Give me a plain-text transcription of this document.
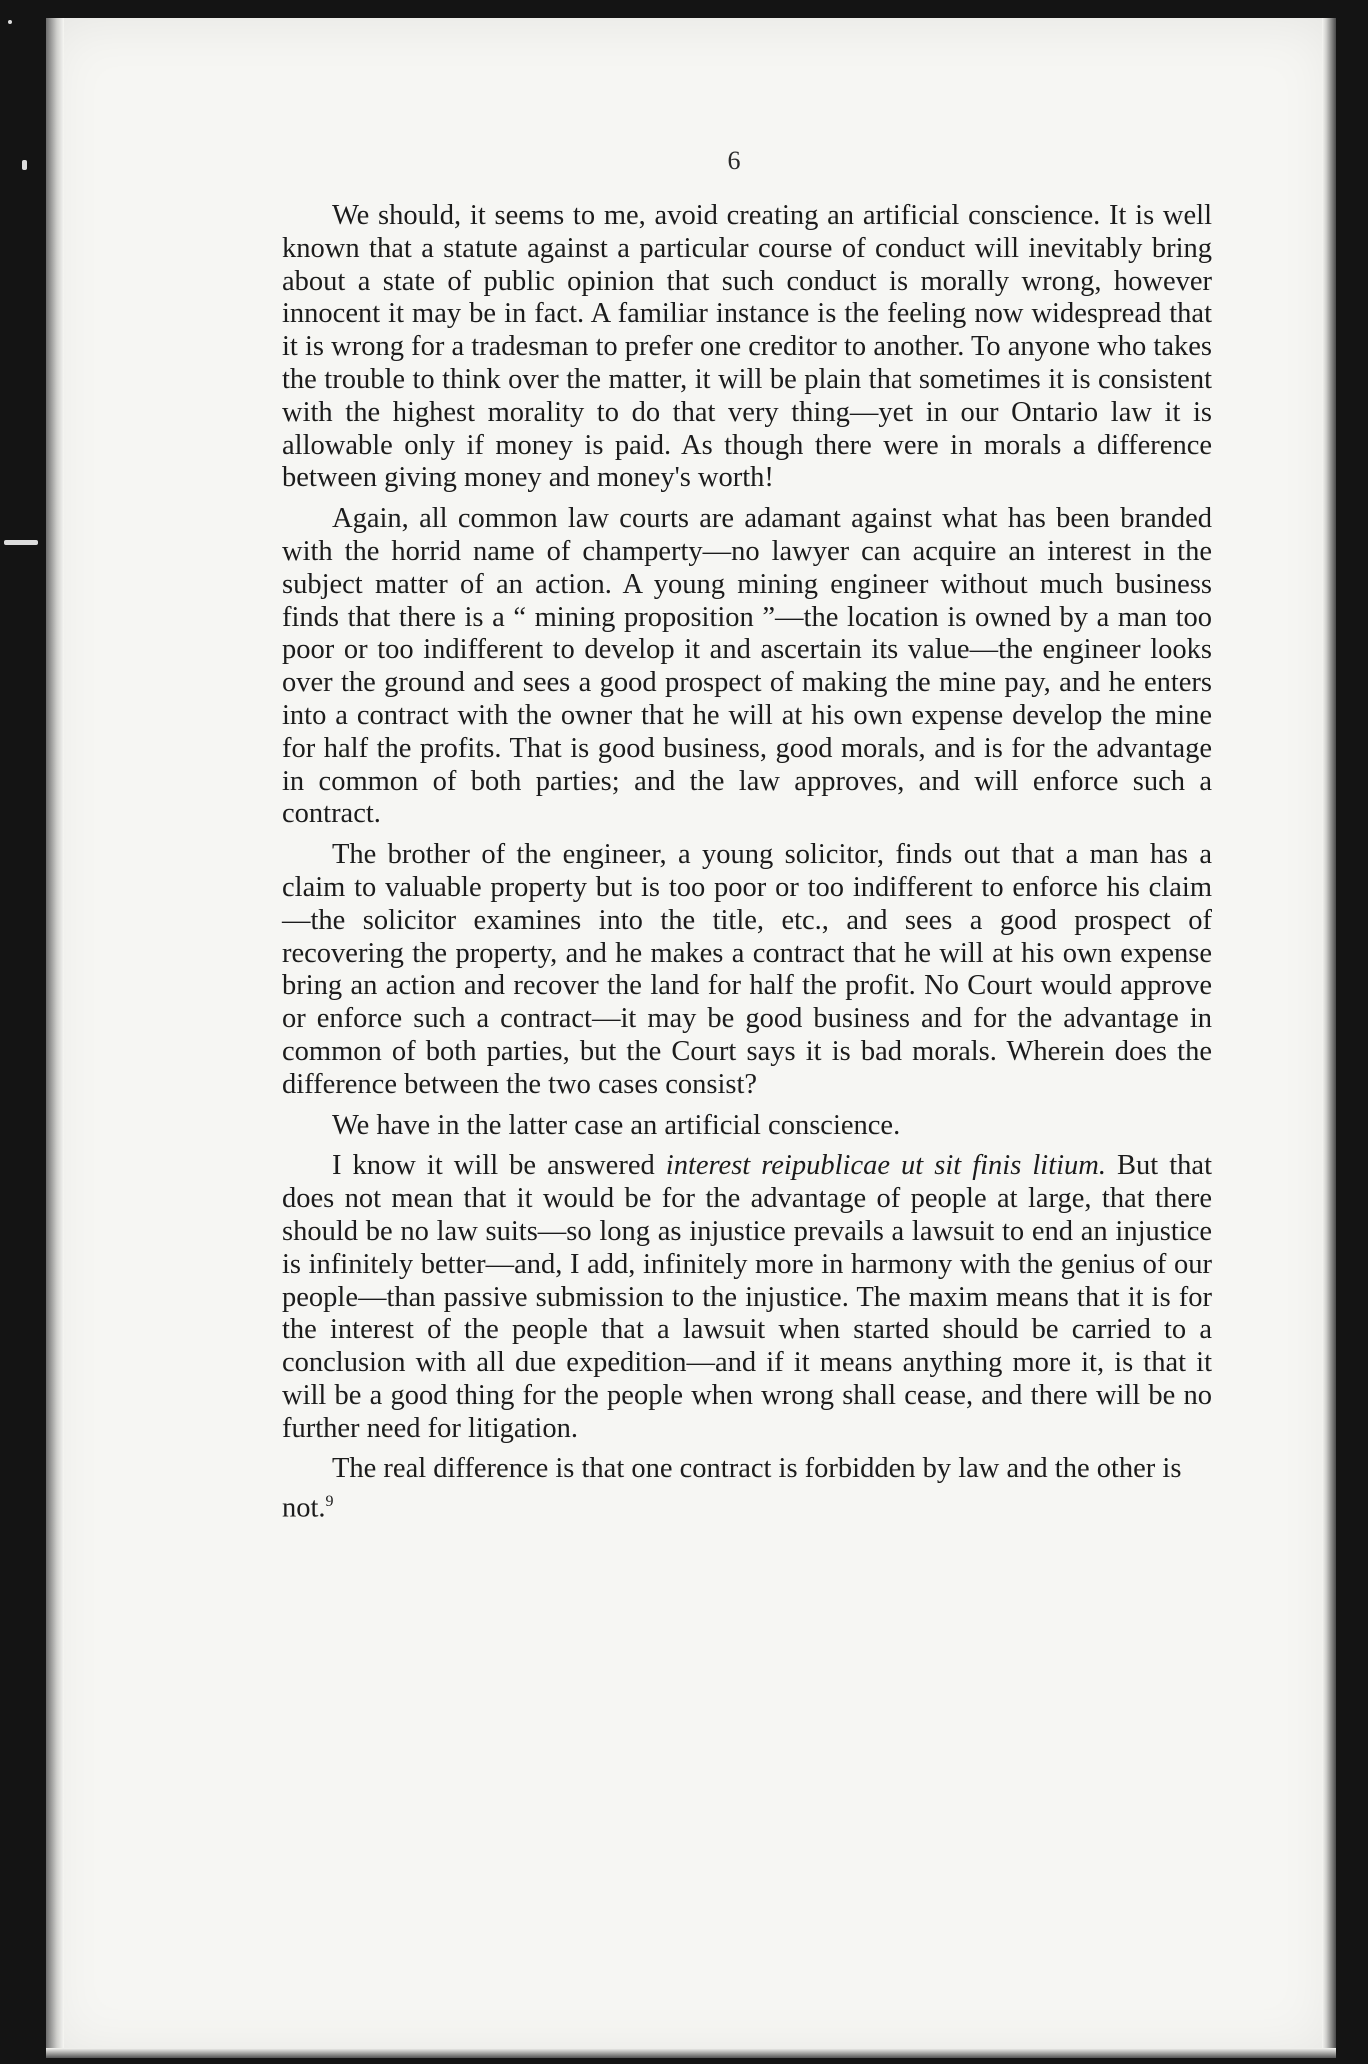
6

We should, it seems to me, avoid creating an artificial conscience. It is well known that a statute against a particular course of conduct will inevitably bring about a state of public opinion that such conduct is morally wrong, however innocent it may be in fact. A familiar instance is the feeling now widespread that it is wrong for a tradesman to prefer one creditor to another. To anyone who takes the trouble to think over the matter, it will be plain that sometimes it is consistent with the highest morality to do that very thing—yet in our Ontario law it is allowable only if money is paid. As though there were in morals a difference between giving money and money's worth!

Again, all common law courts are adamant against what has been branded with the horrid name of champerty—no lawyer can acquire an interest in the subject matter of an action. A young mining engineer without much business finds that there is a “ mining proposition ”—the location is owned by a man too poor or too indifferent to develop it and ascertain its value—the engineer looks over the ground and sees a good prospect of making the mine pay, and he enters into a contract with the owner that he will at his own expense develop the mine for half the profits. That is good business, good morals, and is for the advantage in common of both parties; and the law approves, and will enforce such a contract.

The brother of the engineer, a young solicitor, finds out that a man has a claim to valuable property but is too poor or too indifferent to enforce his claim—the solicitor examines into the title, etc., and sees a good prospect of recovering the property, and he makes a contract that he will at his own expense bring an action and recover the land for half the profit. No Court would approve or enforce such a contract—it may be good business and for the advantage in common of both parties, but the Court says it is bad morals. Wherein does the difference between the two cases consist?

We have in the latter case an artificial conscience.

I know it will be answered interest reipublicae ut sit finis litium. But that does not mean that it would be for the advantage of people at large, that there should be no law suits—so long as injustice prevails a lawsuit to end an injustice is infinitely better—and, I add, infinitely more in harmony with the genius of our people—than passive submission to the injustice. The maxim means that it is for the interest of the people that a lawsuit when started should be carried to a conclusion with all due expedition—and if it means anything more it, is that it will be a good thing for the people when wrong shall cease, and there will be no further need for litigation.

The real difference is that one contract is forbidden by law and the other is not.$^9$
